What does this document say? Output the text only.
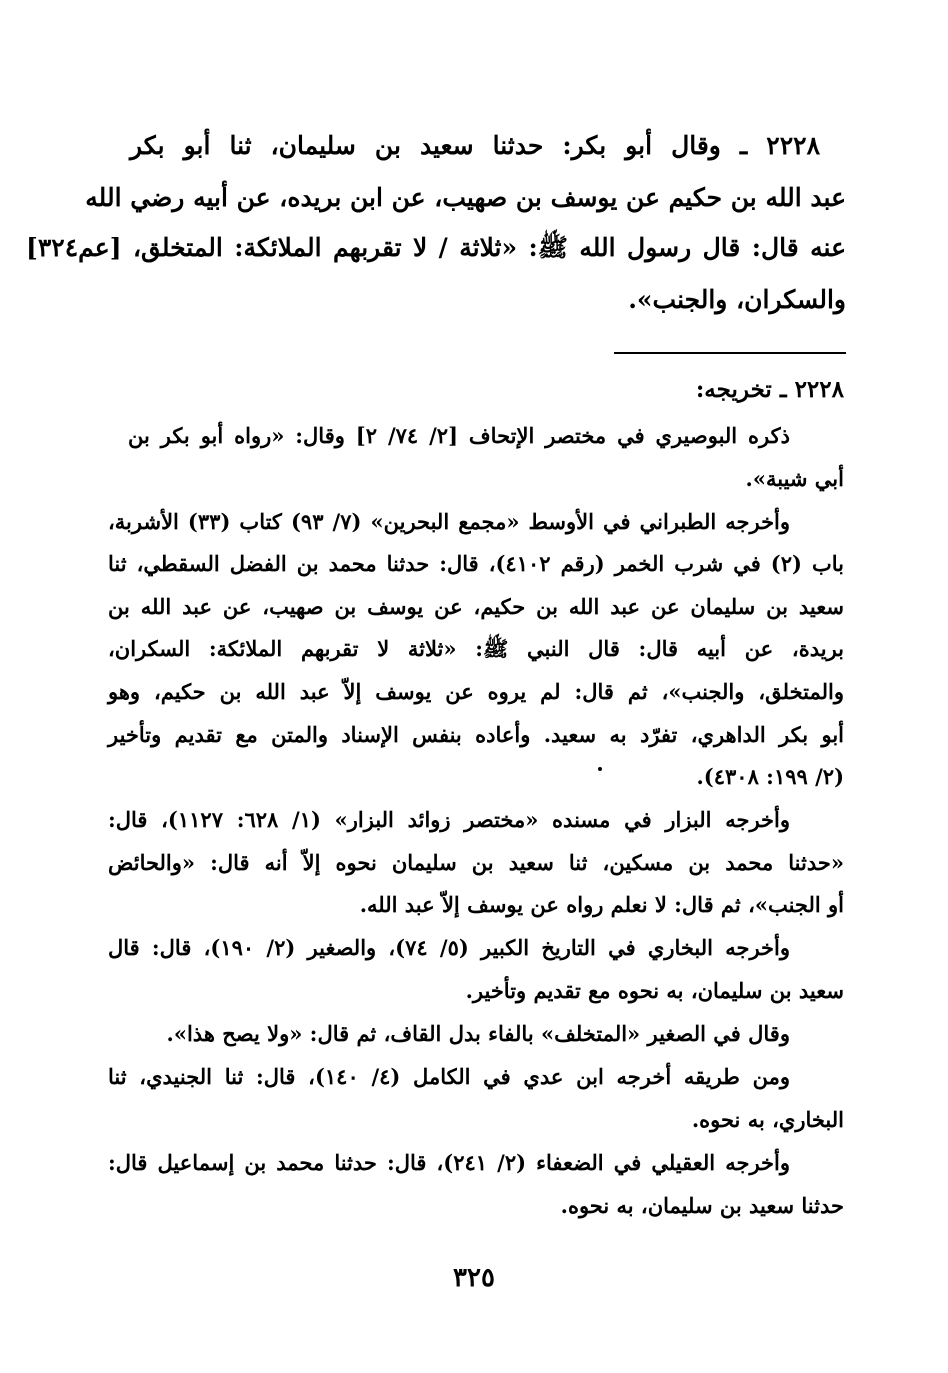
٢٢٢٨ ـ وقال أبو بكر: حدثنا سعيد بن سليمان، ثنا أبو بكر
عبد الله بن حكيم عن يوسف بن صهيب، عن ابن بريده، عن أبيه رضي الله
عنه قال: قال رسول الله ﷺ: «ثلاثة / لا تقربهم الملائكة: المتخلق، [عم٣٢٤]
والسكران، والجنب».
٢٢٢٨ ـ تخريجه:
ذكره البوصيري في مختصر الإتحاف [٢/ ٧٤/ ٢] وقال: «رواه أبو بكر بن
أبي شيبة».
وأخرجه الطبراني في الأوسط «مجمع البحرين» (٧/ ٩٣) كتاب (٣٣) الأشربة،
باب (٢) في شرب الخمر (رقم ٤١٠٢)، قال: حدثنا محمد بن الفضل السقطي، ثنا
سعيد بن سليمان عن عبد الله بن حكيم، عن يوسف بن صهيب، عن عبد الله بن
بريدة، عن أبيه قال: قال النبي ﷺ: «ثلاثة لا تقربهم الملائكة: السكران،
والمتخلق، والجنب»، ثم قال: لم يروه عن يوسف إلاّ عبد الله بن حكيم، وهو
أبو بكر الداهري، تفرّد به سعيد. وأعاده بنفس الإسناد والمتن مع تقديم وتأخير
(٢/ ١٩٩: ٤٣٠٨).
وأخرجه البزار في مسنده «مختصر زوائد البزار» (١/ ٦٢٨: ١١٢٧)، قال:
«حدثنا محمد بن مسكين، ثنا سعيد بن سليمان نحوه إلاّ أنه قال: «والحائض
أو الجنب»، ثم قال: لا نعلم رواه عن يوسف إلاّ عبد الله.
وأخرجه البخاري في التاريخ الكبير (٥/ ٧٤)، والصغير (٢/ ١٩٠)، قال: قال
سعيد بن سليمان، به نحوه مع تقديم وتأخير.
وقال في الصغير «المتخلف» بالفاء بدل القاف، ثم قال: «ولا يصح هذا».
ومن طريقه أخرجه ابن عدي في الكامل (٤/ ١٤٠)، قال: ثنا الجنيدي، ثنا
البخاري، به نحوه.
وأخرجه العقيلي في الضعفاء (٢/ ٢٤١)، قال: حدثنا محمد بن إسماعيل قال:
حدثنا سعيد بن سليمان، به نحوه.
٣٢٥
